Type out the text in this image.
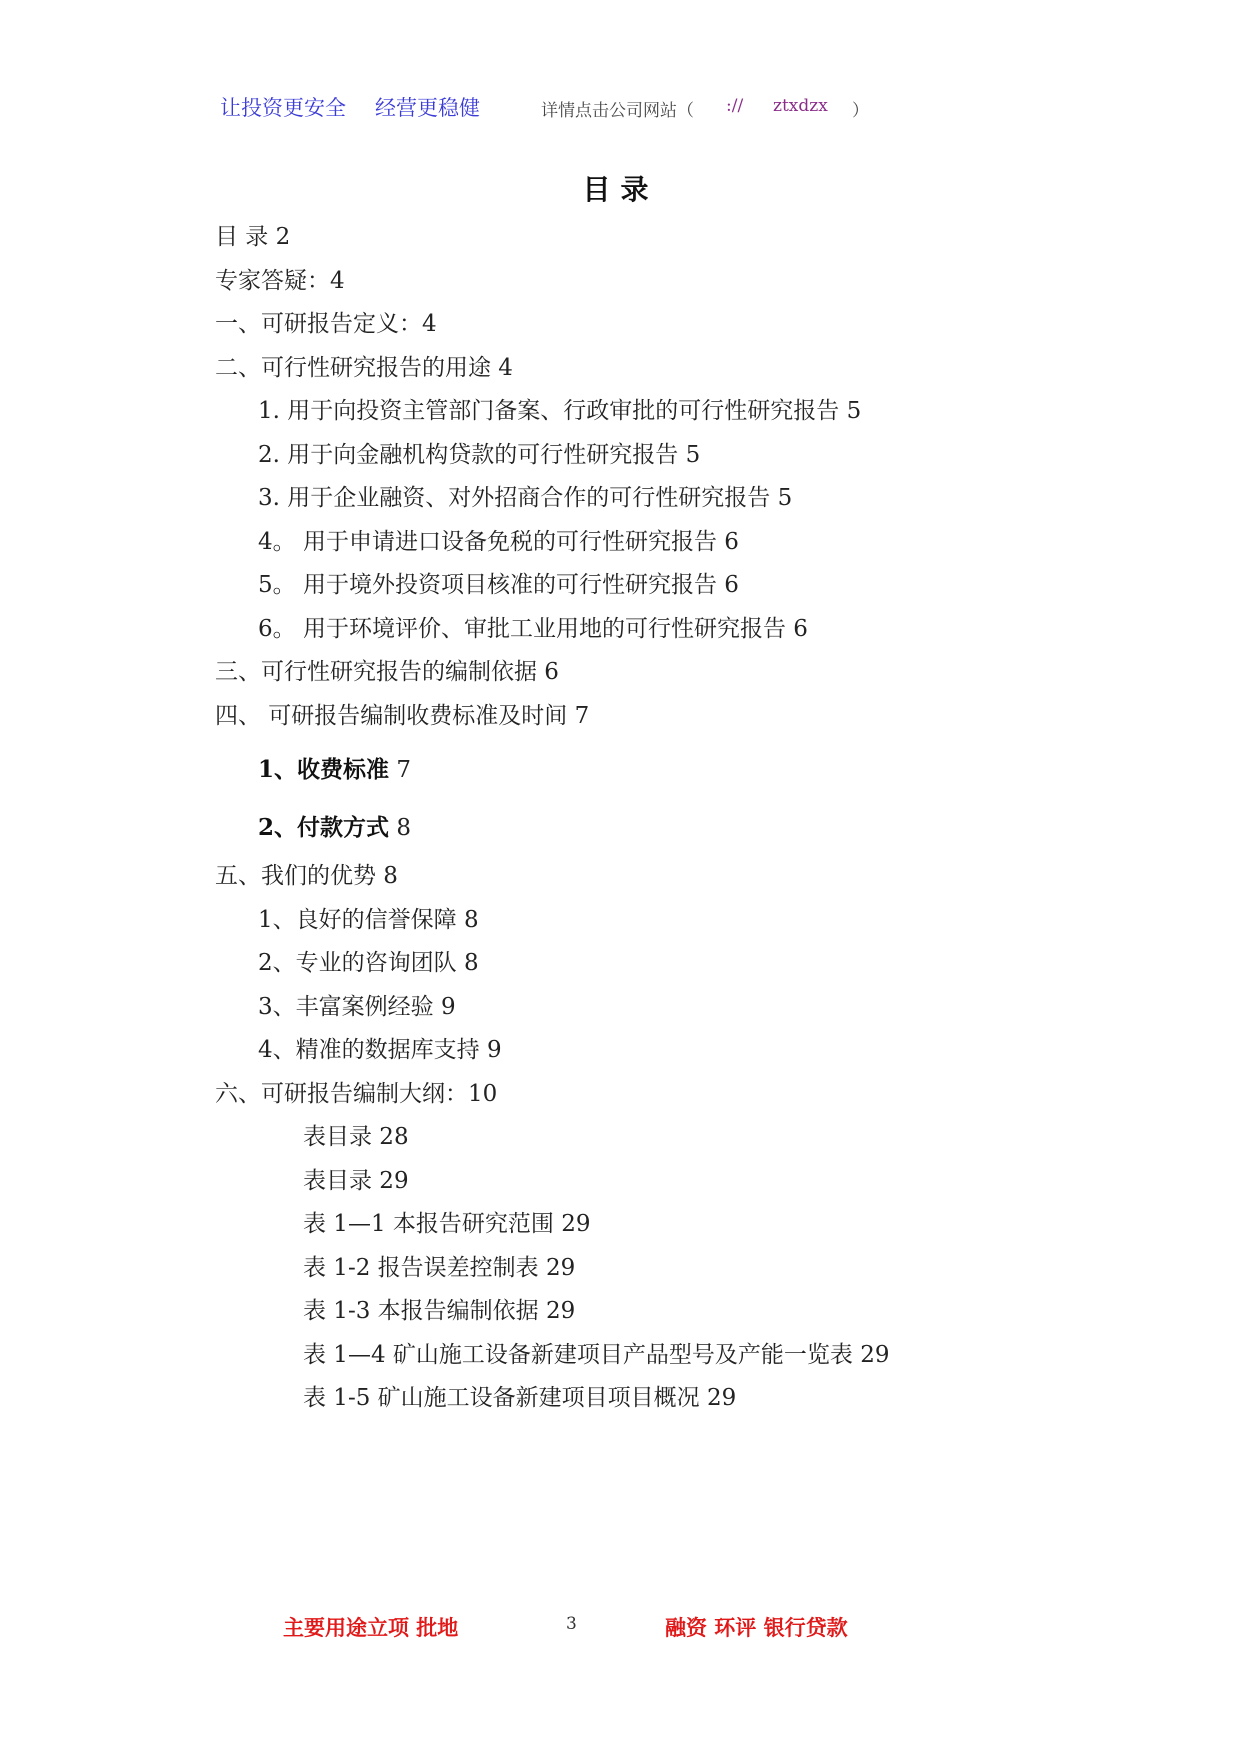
让投资更安全 经营更稳健	详情点击公司网站（ :// ztxdzx ）
目录
目 录 2
专家答疑：4
一、可研报告定义：4
二、可行性研究报告的用途 4
1. 用于向投资主管部门备案、行政审批的可行性研究报告 5
2. 用于向金融机构贷款的可行性研究报告 5
3. 用于企业融资、对外招商合作的可行性研究报告 5
4。 用于申请进口设备免税的可行性研究报告 6
5。 用于境外投资项目核准的可行性研究报告 6
6。 用于环境评价、审批工业用地的可行性研究报告 6
三、可行性研究报告的编制依据 6
四、 可研报告编制收费标准及时间 7
1、收费标准 7
2、付款方式 8
五、我们的优势 8
1、良好的信誉保障 8
2、专业的咨询团队 8
3、丰富案例经验 9
4、精准的数据库支持 9
六、可研报告编制大纲：10
表目录 28
表目录 29
表 1—1 本报告研究范围 29
表 1-2 报告误差控制表 29
表 1-3 本报告编制依据 29
表 1—4 矿山施工设备新建项目产品型号及产能一览表 29
表 1-5 矿山施工设备新建项目项目概况 29
主要用途立项 批地	3	融资 环评 银行贷款
